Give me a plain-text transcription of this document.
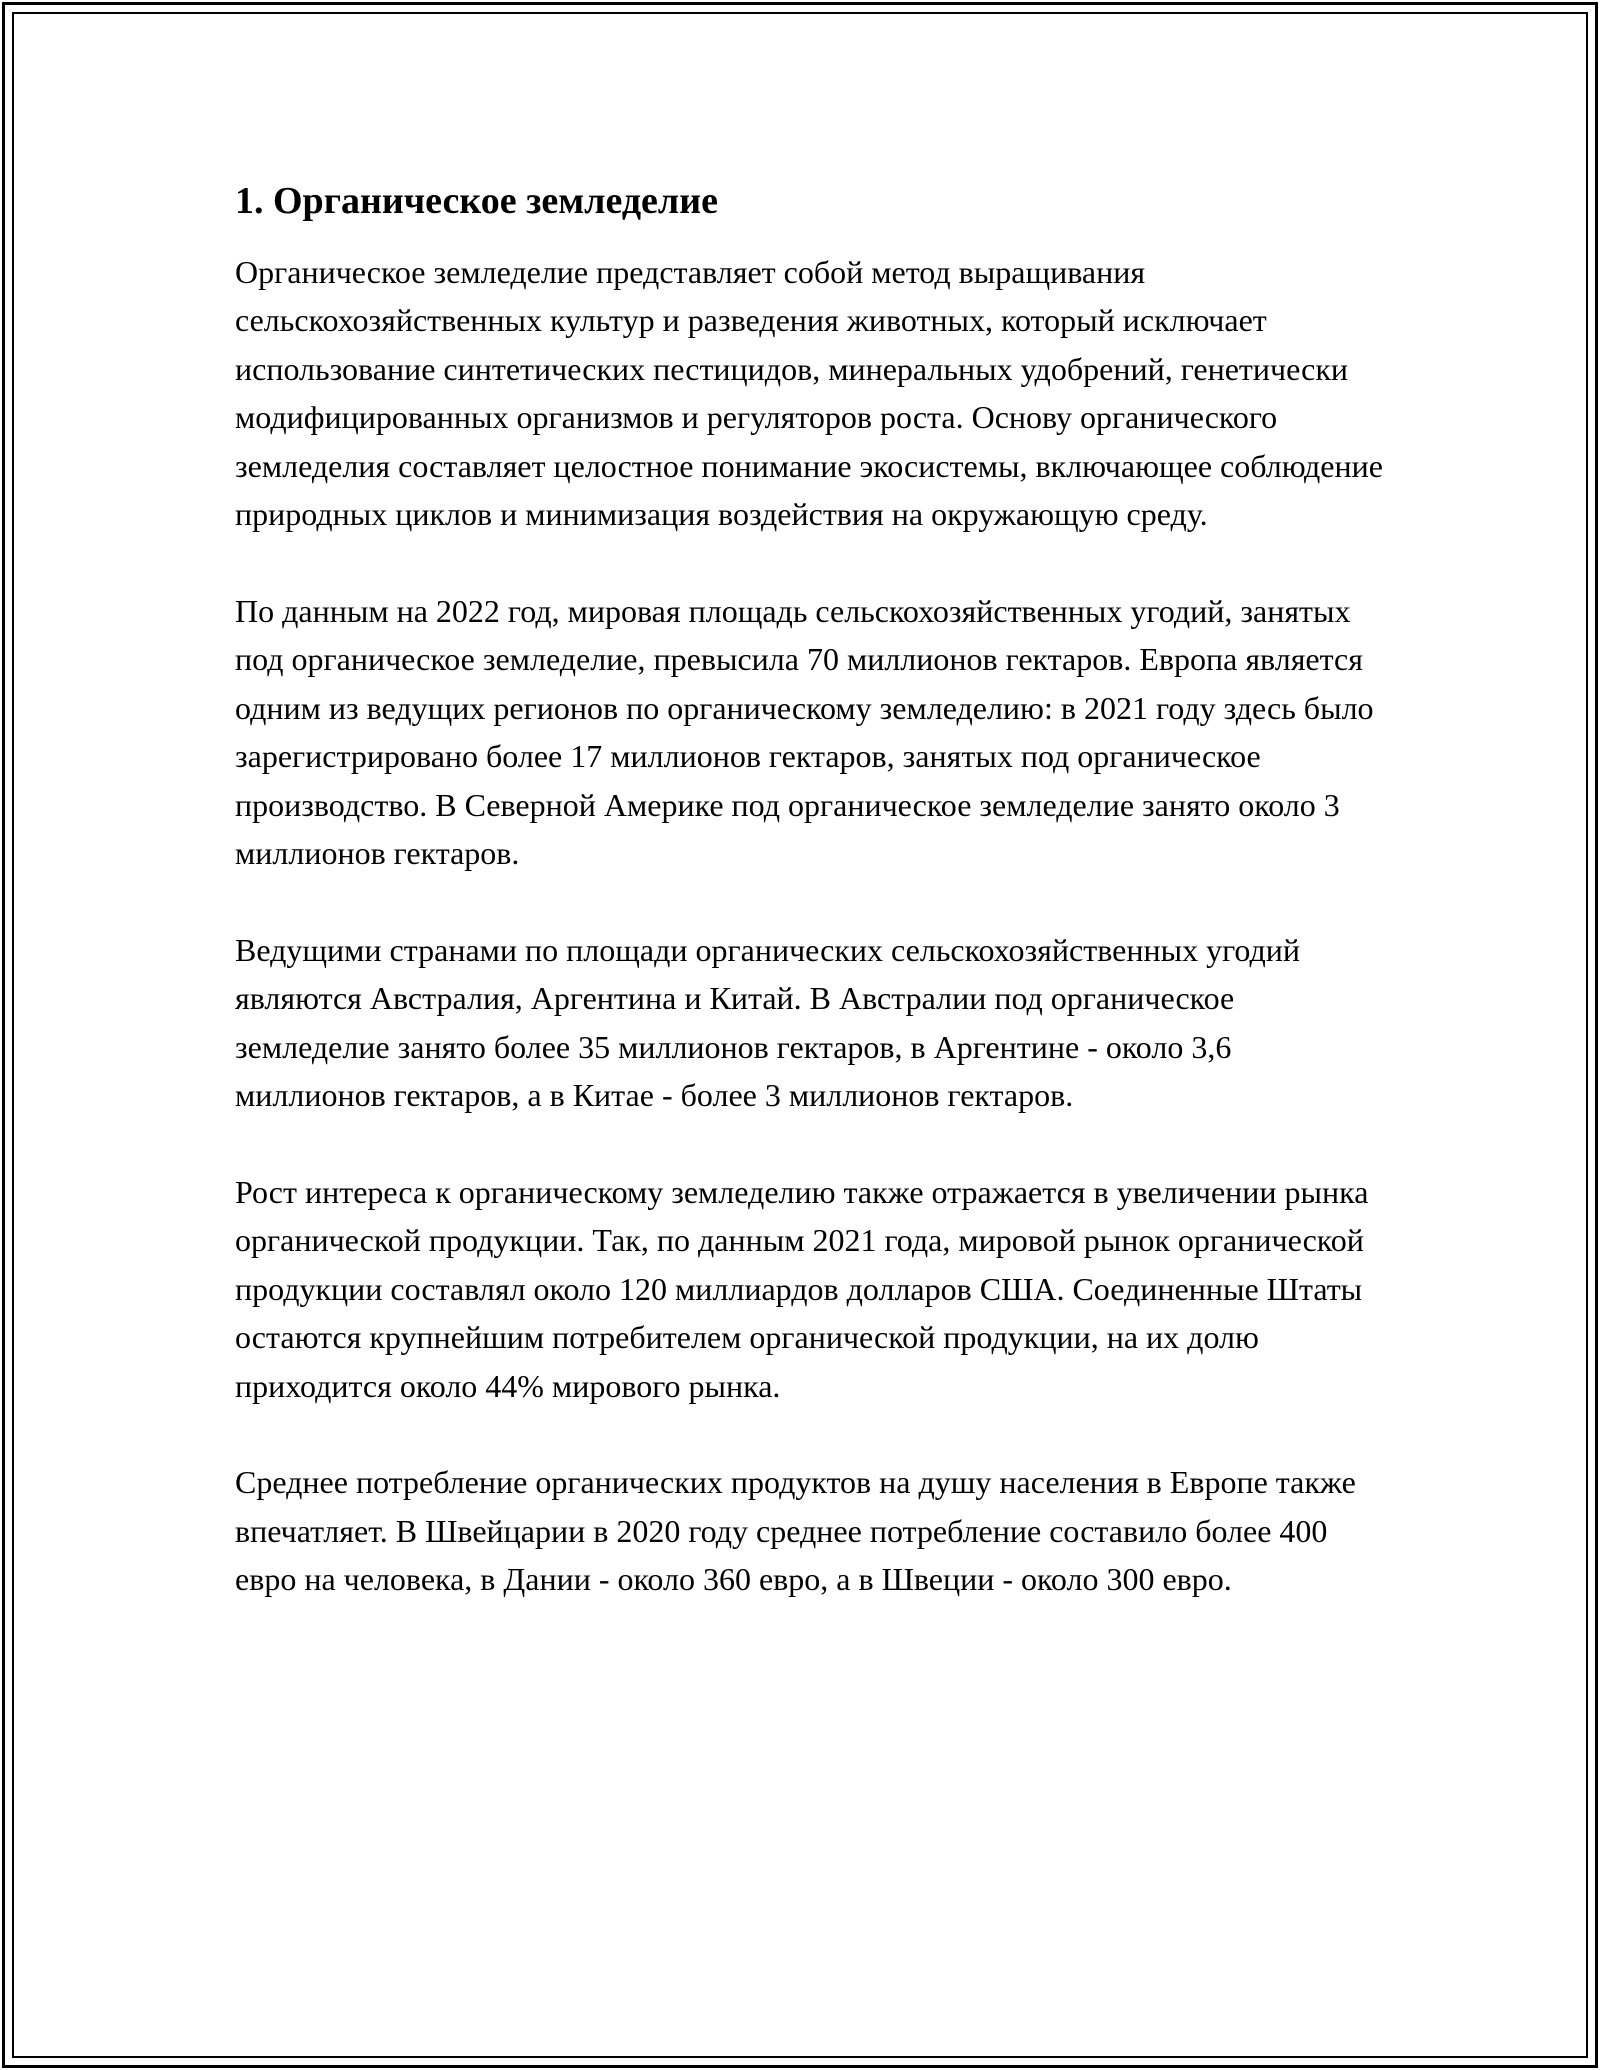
1. Органическое земледелие

Органическое земледелие представляет собой метод выращивания сельскохозяйственных культур и разведения животных, который исключает использование синтетических пестицидов, минеральных удобрений, генетически модифицированных организмов и регуляторов роста. Основу органического земледелия составляет целостное понимание экосистемы, включающее соблюдение природных циклов и минимизация воздействия на окружающую среду.

По данным на 2022 год, мировая площадь сельскохозяйственных угодий, занятых под органическое земледелие, превысила 70 миллионов гектаров. Европа является одним из ведущих регионов по органическому земледелию: в 2021 году здесь было зарегистрировано более 17 миллионов гектаров, занятых под органическое производство. В Северной Америке под органическое земледелие занято около 3 миллионов гектаров.

Ведущими странами по площади органических сельскохозяйственных угодий являются Австралия, Аргентина и Китай. В Австралии под органическое земледелие занято более 35 миллионов гектаров, в Аргентине - около 3,6 миллионов гектаров, а в Китае - более 3 миллионов гектаров.

Рост интереса к органическому земледелию также отражается в увеличении рынка органической продукции. Так, по данным 2021 года, мировой рынок органической продукции составлял около 120 миллиардов долларов США. Соединенные Штаты остаются крупнейшим потребителем органической продукции, на их долю приходится около 44% мирового рынка.

Среднее потребление органических продуктов на душу населения в Европе также впечатляет. В Швейцарии в 2020 году среднее потребление составило более 400 евро на человека, в Дании - около 360 евро, а в Швеции - около 300 евро.
